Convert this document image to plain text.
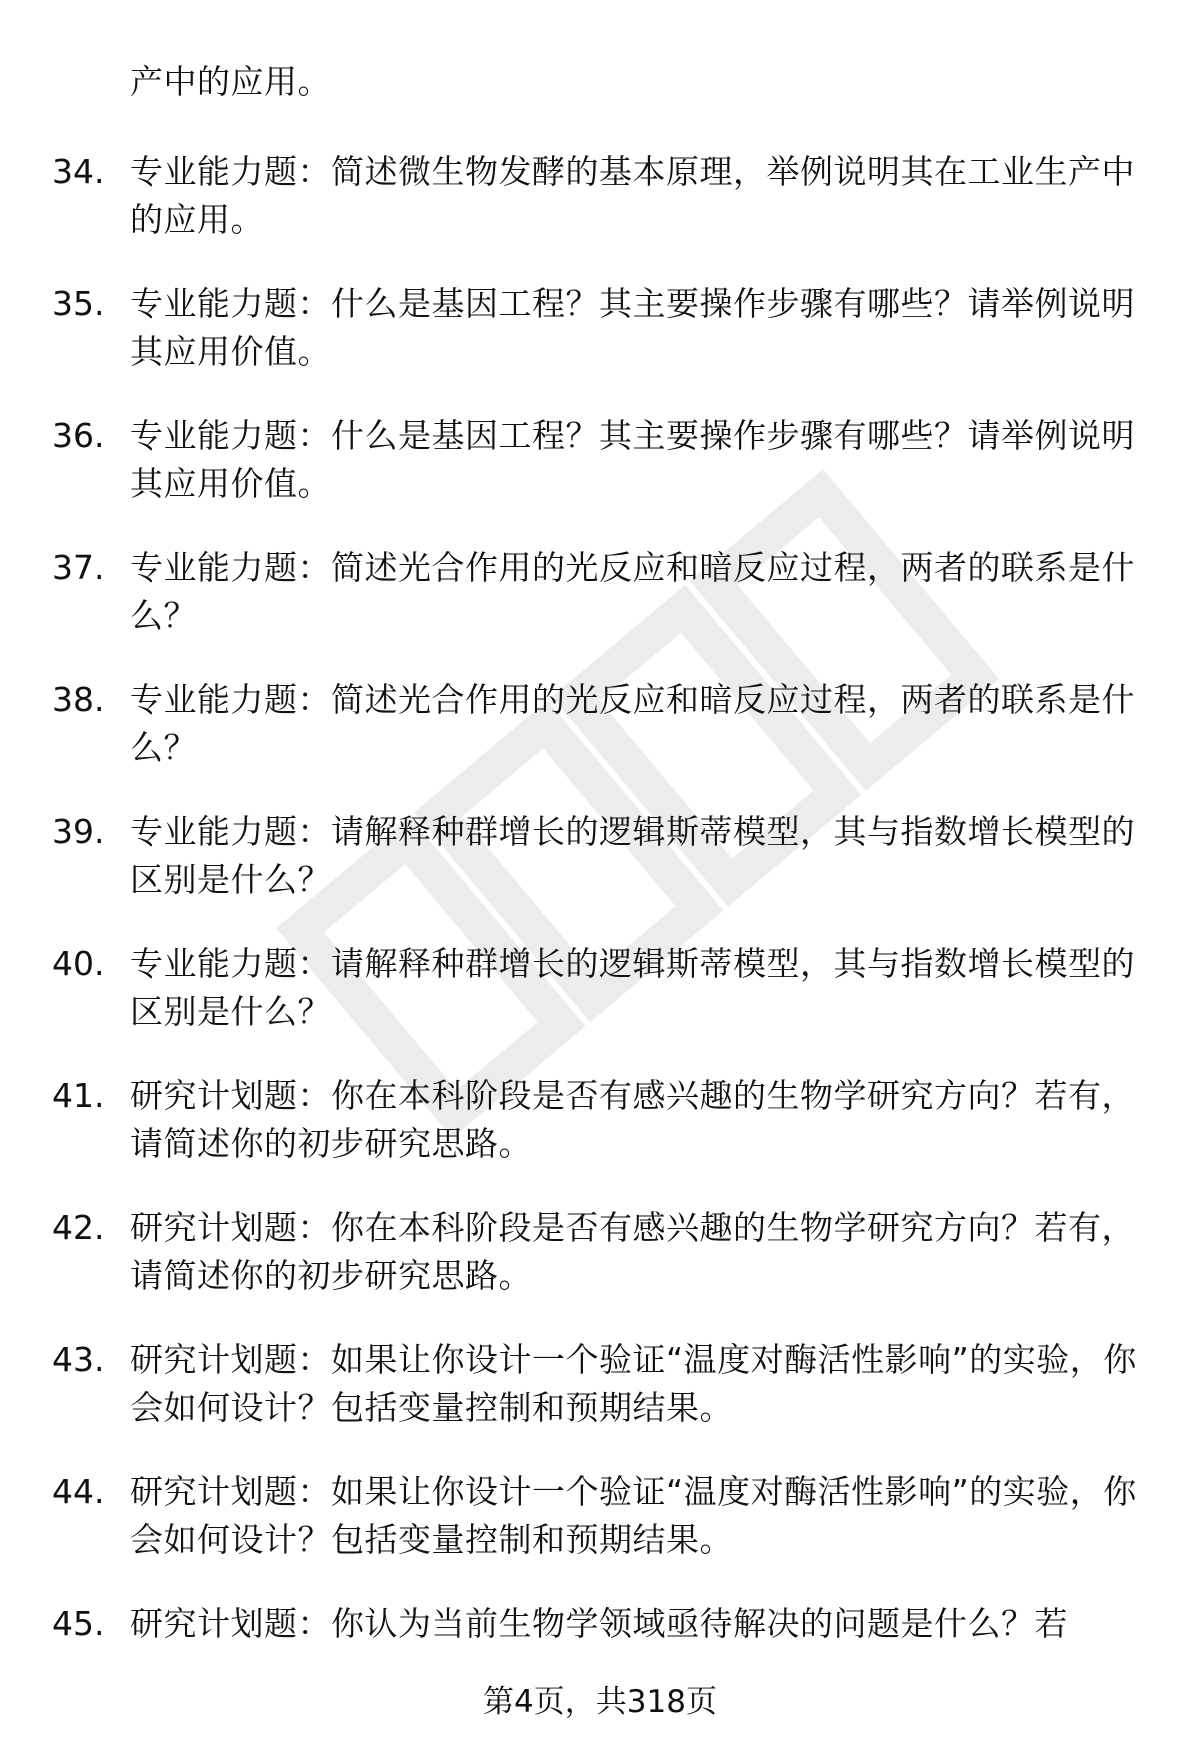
产中的应用。
34. 专业能力题：简述微生物发酵的基本原理，举例说明其在工业生产中的应用。
35. 专业能力题：什么是基因工程？其主要操作步骤有哪些？请举例说明其应用价值。
36. 专业能力题：什么是基因工程？其主要操作步骤有哪些？请举例说明其应用价值。
37. 专业能力题：简述光合作用的光反应和暗反应过程，两者的联系是什么？
38. 专业能力题：简述光合作用的光反应和暗反应过程，两者的联系是什么？
39. 专业能力题：请解释种群增长的逻辑斯蒂模型，其与指数增长模型的区别是什么？
40. 专业能力题：请解释种群增长的逻辑斯蒂模型，其与指数增长模型的区别是什么？
41. 研究计划题：你在本科阶段是否有感兴趣的生物学研究方向？若有，请简述你的初步研究思路。
42. 研究计划题：你在本科阶段是否有感兴趣的生物学研究方向？若有，请简述你的初步研究思路。
43. 研究计划题：如果让你设计一个验证“温度对酶活性影响”的实验，你会如何设计？包括变量控制和预期结果。
44. 研究计划题：如果让你设计一个验证“温度对酶活性影响”的实验，你会如何设计？包括变量控制和预期结果。
45. 研究计划题：你认为当前生物学领域亟待解决的问题是什么？若
第4页，共318页
